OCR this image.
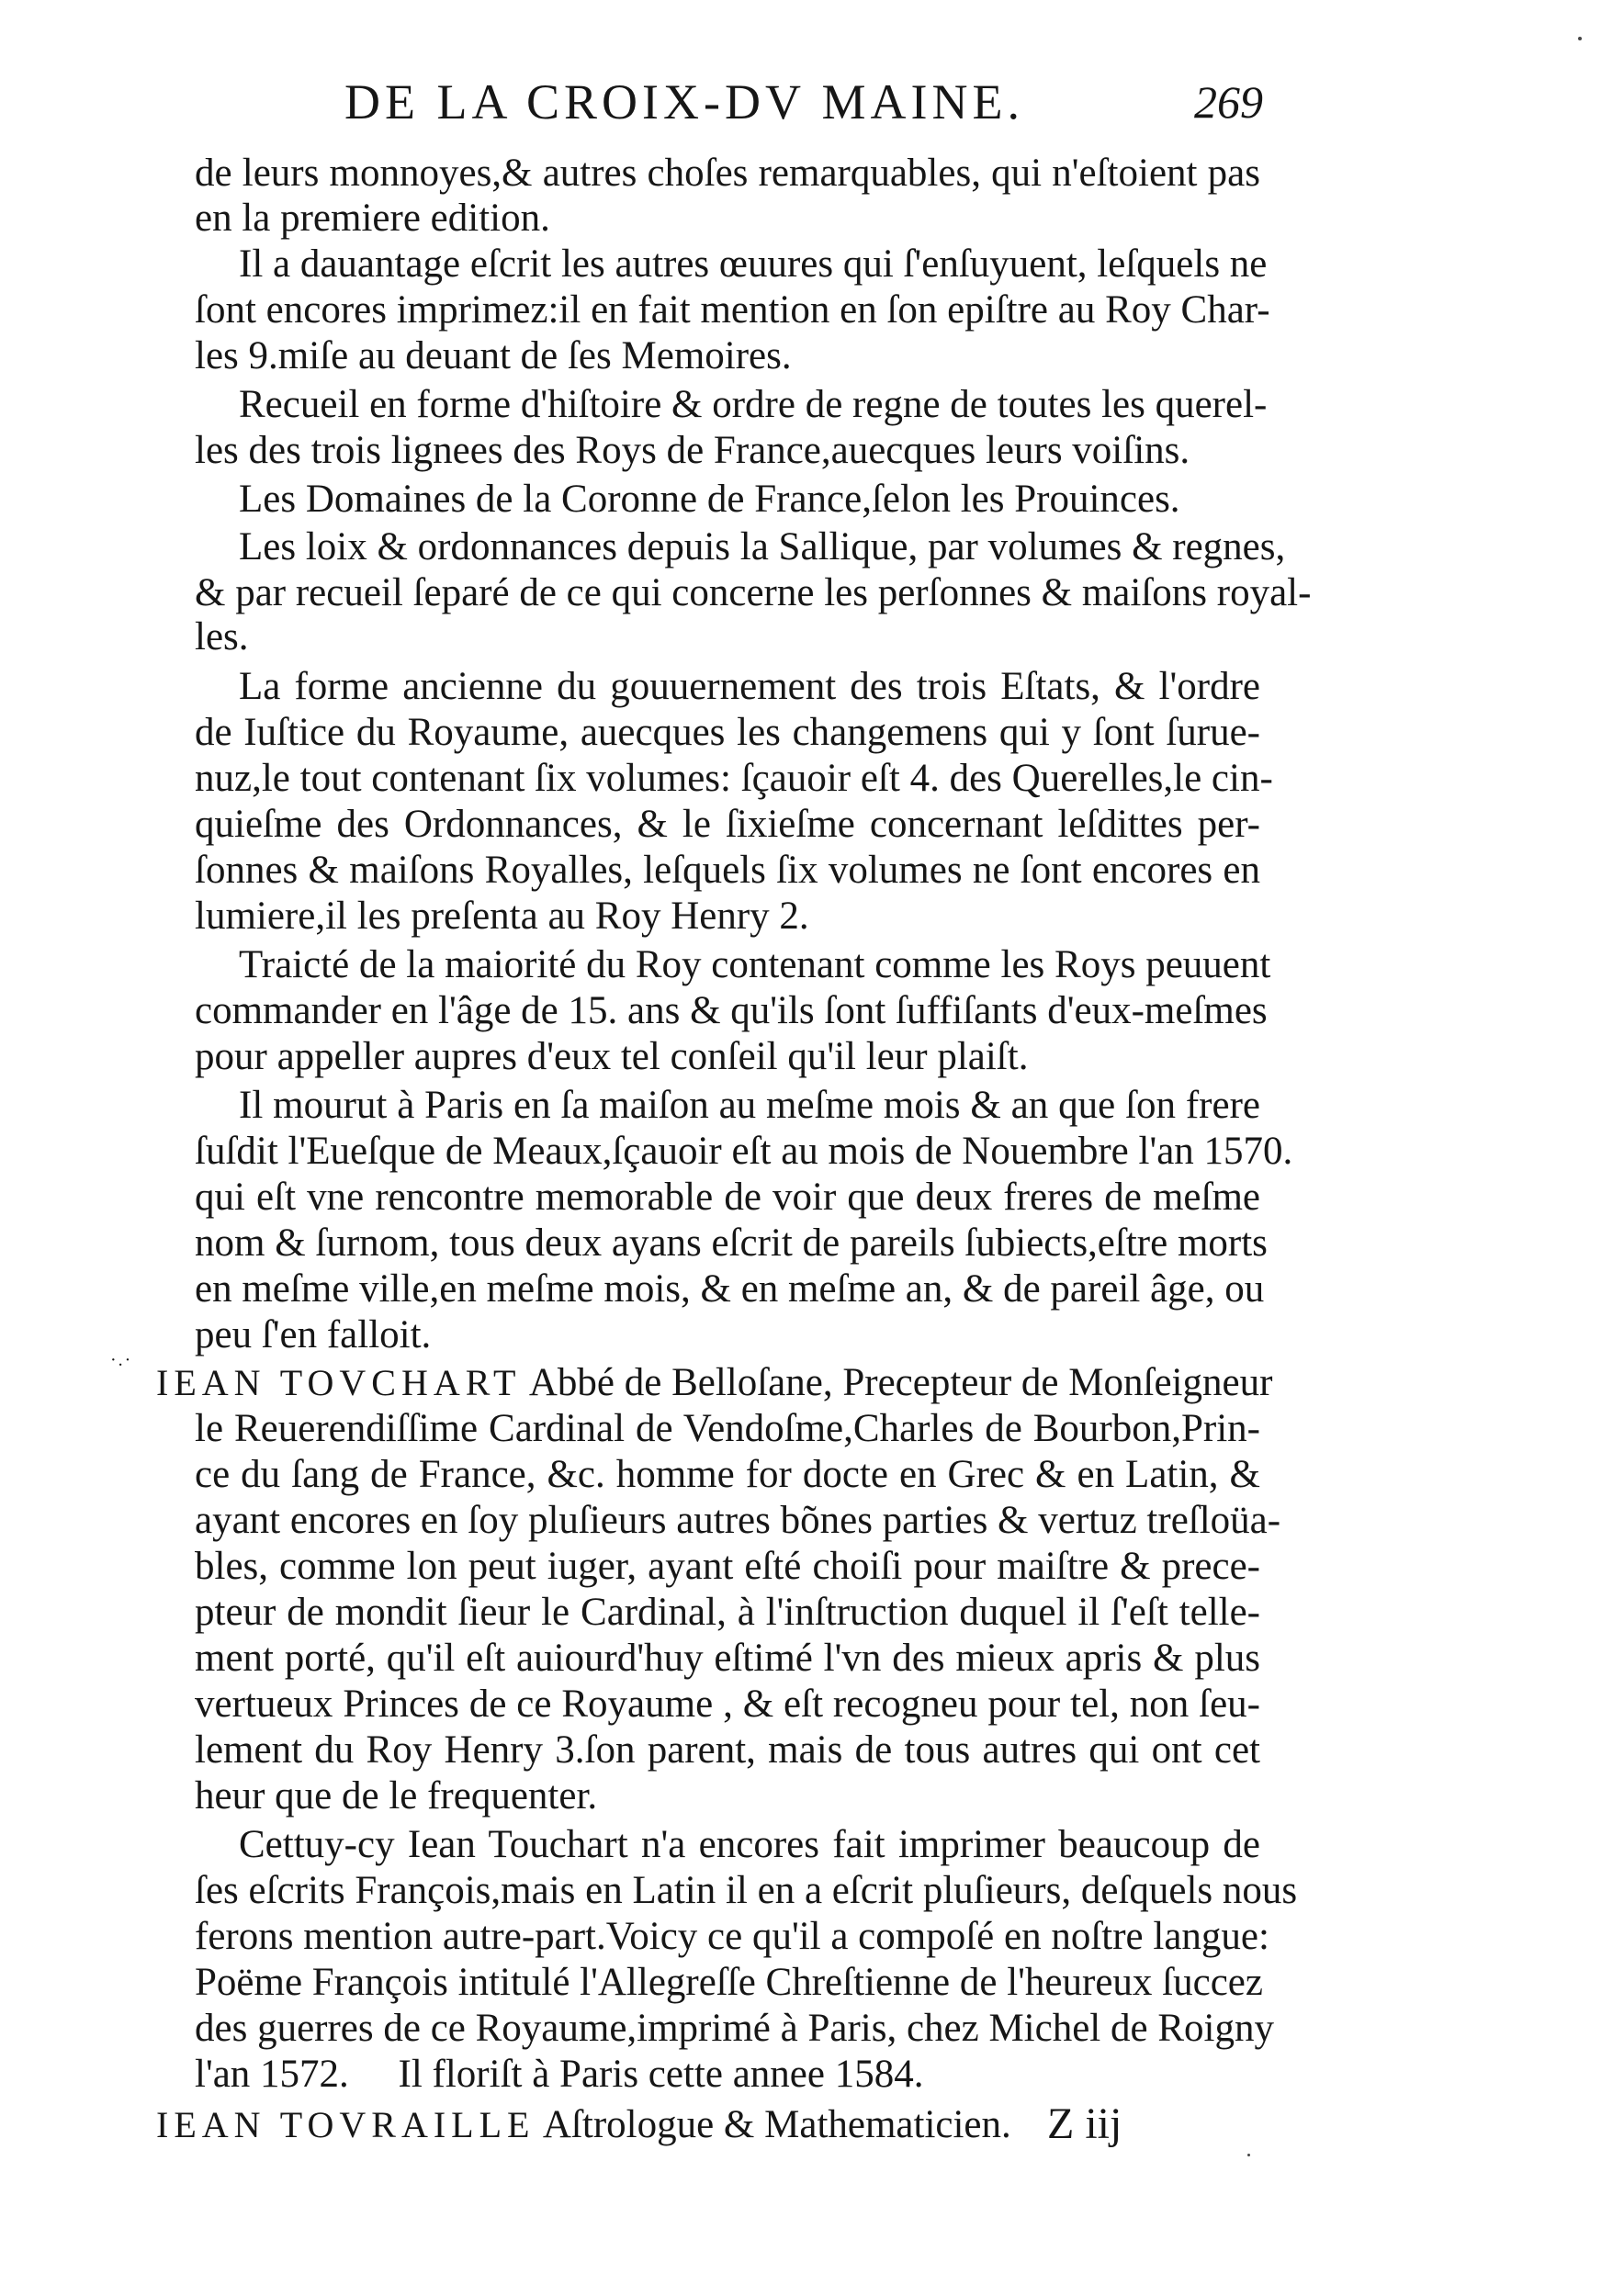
DE LA CROIX-DV MAINE.	269
de leurs monnoyes,& autres choſes remarquables, qui n'eſtoient pas
en la premiere edition.
Il a dauantage eſcrit les autres œuures qui ſ'enſuyuent, leſquels ne
ſont encores imprimez:il en fait mention en ſon epiſtre au Roy Char-
les 9.miſe au deuant de ſes Memoires.
Recueil en forme d'hiſtoire & ordre de regne de toutes les querel-
les des trois lignees des Roys de France,auecques leurs voiſins.
Les Domaines de la Coronne de France,ſelon les Prouinces.
Les loix & ordonnances depuis la Sallique, par volumes & regnes,
& par recueil ſeparé de ce qui concerne les perſonnes & maiſons royal-
les.
La forme ancienne du gouuernement des trois Eſtats, & l'ordre
de Iuſtice du Royaume, auecques les changemens qui y ſont ſurue-
nuz,le tout contenant ſix volumes: ſçauoir eſt 4. des Querelles,le cin-
quieſme des Ordonnances, & le ſixieſme concernant leſdittes per-
ſonnes & maiſons Royalles, leſquels ſix volumes ne ſont encores en
lumiere,il les preſenta au Roy Henry 2.
Traicté de la maiorité du Roy contenant comme les Roys peuuent
commander en l'âge de 15. ans & qu'ils ſont ſuffiſants d'eux-meſmes
pour appeller aupres d'eux tel conſeil qu'il leur plaiſt.
Il mourut à Paris en ſa maiſon au meſme mois & an que ſon frere
ſuſdit l'Eueſque de Meaux,ſçauoir eſt au mois de Nouembre l'an 1570.
qui eſt vne rencontre memorable de voir que deux freres de meſme
nom & ſurnom, tous deux ayans eſcrit de pareils ſubiects,eſtre morts
en meſme ville,en meſme mois, & en meſme an, & de pareil âge, ou
peu ſ'en falloit.
·.·
IEAN TOVCHART Abbé de Belloſane, Precepteur de Monſeigneur
le Reuerendiſſime Cardinal de Vendoſme,Charles de Bourbon,Prin-
ce du ſang de France, &c. homme for docte en Grec & en Latin, &
ayant encores en ſoy pluſieurs autres bõnes parties & vertuz treſloüa-
bles, comme lon peut iuger, ayant eſté choiſi pour maiſtre & prece-
pteur de mondit ſieur le Cardinal, à l'inſtruction duquel il ſ'eſt telle-
ment porté, qu'il eſt auiourd'huy eſtimé l'vn des mieux apris & plus
vertueux Princes de ce Royaume , & eſt recogneu pour tel, non ſeu-
lement du Roy Henry 3.ſon parent, mais de tous autres qui ont cet
heur que de le frequenter.
Cettuy-cy Iean Touchart n'a encores fait imprimer beaucoup de
ſes eſcrits François,mais en Latin il en a eſcrit pluſieurs, deſquels nous
ferons mention autre-part.Voicy ce qu'il a compoſé en noſtre langue:
Poëme François intitulé l'Allegreſſe Chreſtienne de l'heureux ſuccez
des guerres de ce Royaume,imprimé à Paris, chez Michel de Roigny
l'an 1572.     Il floriſt à Paris cette annee 1584.
IEAN TOVRAILLE Aſtrologue & Mathematicien. Z iij
